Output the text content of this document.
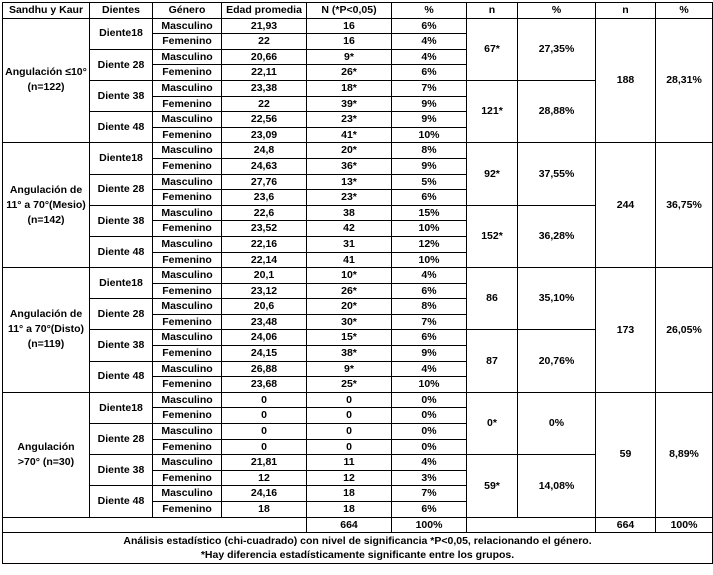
Sandhu y Kaur	Dientes	Género	Edad promedia	N (*P<0,05)	%	n	%	n	%
Angulación ≤10° (n=122)	Diente18	Masculino	21,93	16	6%	67*	27,35%	188	28,31%
		Femenino	22	16	4%				
	Diente 28	Masculino	20,66	9*	4%				
		Femenino	22,11	26*	6%				
	Diente 38	Masculino	23,38	18*	7%	121*	28,88%		
		Femenino	22	39*	9%				
	Diente 48	Masculino	22,56	23*	9%				
		Femenino	23,09	41*	10%				
Angulación de 11° a 70°(Mesio) (n=142)	Diente18	Masculino	24,8	20*	8%	92*	37,55%	244	36,75%
		Femenino	24,63	36*	9%				
	Diente 28	Masculino	27,76	13*	5%				
		Femenino	23,6	23*	6%				
	Diente 38	Masculino	22,6	38	15%	152*	36,28%		
		Femenino	23,52	42	10%				
	Diente 48	Masculino	22,16	31	12%				
		Femenino	22,14	41	10%				
Angulación de 11° a 70°(Disto) (n=119)	Diente18	Masculino	20,1	10*	4%	86	35,10%	173	26,05%
		Femenino	23,12	26*	6%				
	Diente 28	Masculino	20,6	20*	8%				
		Femenino	23,48	30*	7%				
	Diente 38	Masculino	24,06	15*	6%	87	20,76%		
		Femenino	24,15	38*	9%				
	Diente 48	Masculino	26,88	9*	4%				
		Femenino	23,68	25*	10%				
Angulación >70° (n=30)	Diente18	Masculino	0	0	0%	0*	0%	59	8,89%
		Femenino	0	0	0%				
	Diente 28	Masculino	0	0	0%				
		Femenino	0	0	0%				
	Diente 38	Masculino	21,81	11	4%	59*	14,08%		
		Femenino	12	12	3%				
	Diente 48	Masculino	24,16	18	7%				
		Femenino	18	18	6%				
				664	100%			664	100%

Análisis estadístico (chi-cuadrado) con nivel de significancia *P<0,05, relacionando el género.
*Hay diferencia estadísticamente significante entre los grupos.									
